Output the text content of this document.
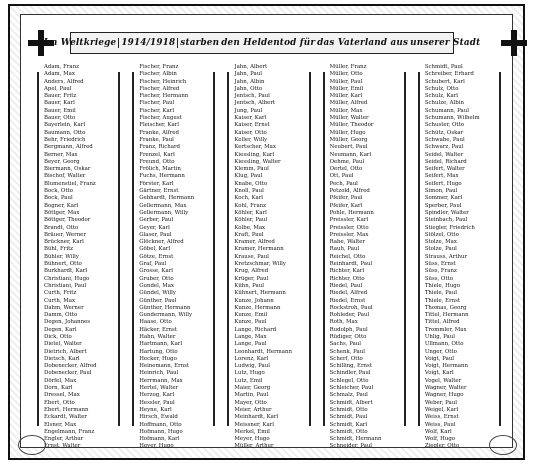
Im Weltkriege 1914/1918 starben den Heldentod für das Vaterland aus unserer Stadt
Adam, Franz
Adam, Max
Anders, Alfred
Apel, Paul
Bauer, Fritz
Bauer, Karl
Bauer, Emil
Bauer, Otto
Bayerlein, Karl
Baumann, Otto
Behr, Friedrich
Bergmann, Alfred
Berner, Max
Beyer, Georg
Biermann, Oskar
Bischof, Walter
Blumenstiel, Franz
Bock, Otto
Bock, Paul
Bogner, Karl
Böttger, Max
Böttger, Theodor
Brandt, Otto
Bräuer, Werner
Brückner, Karl
Bühl, Fritz
Bühler, Willy
Bühnert, Otto
Burkhardt, Karl
Christiani, Hugo
Christiani, Paul
Curth, Fritz
Curth, Max
Dahm, Werner
Damm, Otto
Degen, Johannes
Degen, Karl
Dick, Otto
Dietel, Walter
Dietrich, Albert
Dietsch, Karl
Dobenecker, Alfred
Dobenecker, Paul
Dörfel, Max
Dorn, Karl
Dressel, Max
Ebert, Otto
Ebert, Hermann
Eckardt, Walter
Elsner, Max
Engelmann, Franz
Engler, Arthur
Ernst, Walter
Fischer, Franz
Fischer, Albin
Fischer, Heinrich
Fischer, Alfred
Fischer, Hermann
Fischer, Paul
Fischer, Karl
Fischer, August
Fleischer, Karl
Franke, Alfred
Franke, Paul
Franz, Richard
Frenzel, Karl
Freund, Otto
Frölich, Martin
Fuchs, Hermann
Förster, Karl
Gärtner, Ernst
Gebhardt, Hermann
Gellermann, Max
Gellermann, Willy
Gerber, Paul
Geyer, Karl
Glaser, Paul
Glöckner, Alfred
Göbel, Karl
Götze, Ernst
Graf, Paul
Grosse, Karl
Gruber, Otto
Gundel, Max
Gündel, Willy
Günther, Paul
Günther, Hermann
Gundermann, Willy
Haase, Otto
Häcker, Ernst
Hahn, Walter
Hartmann, Karl
Hartung, Otto
Hecker, Hugo
Heinemann, Ernst
Heinrich, Paul
Herrmann, Max
Hertel, Walter
Herzog, Karl
Hessler, Paul
Heyne, Karl
Hirsch, Ewald
Hoffmann, Otto
Hofmann, Hugo
Hofmann, Karl
Hoyer, Hugo
Jahn, Albert
Jahn, Paul
Jahn, Albin
Jahn, Otto
Jentsch, Paul
Jentsch, Albert
Jung, Paul
Kaiser, Karl
Kaiser, Ernst
Kaiser, Otto
Keller, Willy
Kertscher, Max
Kiessling, Karl
Kiessling, Walter
Klemm, Paul
Klug, Paul
Knabe, Otto
Knoll, Paul
Koch, Karl
Kohl, Franz
Köhler, Karl
Köhler, Paul
Kolbe, Max
Kraft, Paul
Kramer, Alfred
Kramer, Hermann
Krause, Paul
Kretzschmar, Willy
Krug, Alfred
Krüger, Paul
Kühn, Paul
Kühnert, Hermann
Kunze, Johann
Kunze, Hermann
Kunze, Emil
Kunze, Paul
Lange, Richard
Lange, Max
Lange, Paul
Leonhardt, Hermann
Lorenz, Karl
Ludwig, Paul
Lutz, Hugo
Lutz, Emil
Maier, Georg
Martin, Paul
Mayer, Otto
Meier, Arthur
Meinhardt, Karl
Meissner, Karl
Merkel, Emil
Meyer, Hugo
Müller, Arthur
Müller, Franz
Müller, Otto
Müller, Paul
Müller, Emil
Müller, Karl
Müller, Alfred
Müller, Max
Müller, Walter
Müller, Theodor
Müller, Hugo
Müller, Georg
Neubert, Paul
Neumann, Karl
Oehme, Paul
Oertel, Otto
Ott, Paul
Pech, Paul
Petzold, Alfred
Pfeifer, Paul
Pfeifer, Karl
Pohle, Hermann
Preissler, Karl
Preissler, Otto
Preissler, Max
Rabe, Walter
Rauh, Paul
Reichel, Otto
Reinhardt, Paul
Richter, Karl
Richter, Otto
Riedel, Paul
Riedel, Alfred
Riedel, Ernst
Rockstroh, Paul
Rohleder, Paul
Roth, Max
Rudolph, Paul
Rüdiger, Otto
Sachs, Paul
Schenk, Paul
Scherf, Otto
Schilling, Ernst
Schindler, Paul
Schlegel, Otto
Schleicher, Paul
Schmalz, Paul
Schmidt, Albert
Schmidt, Otto
Schmidt, Paul
Schmidt, Karl
Schmidt, Otto
Schmidt, Hermann
Schneider, Paul
Schmidt, Paul
Schreiber, Erhard
Schubert, Karl
Schulz, Otto
Schulz, Karl
Schulze, Albin
Schumann, Paul
Schumann, Wilhelm
Schuster, Otto
Schütz, Oskar
Schwabe, Paul
Schwarz, Paul
Seidel, Walter
Seidel, Richard
Seifert, Walter
Seifert, Max
Seifert, Hugo
Simon, Paul
Sommer, Karl
Sperber, Paul
Spindler, Walter
Steinbach, Paul
Stiegler, Friedrich
Stölzel, Otto
Stolze, Max
Stolze, Paul
Strauss, Arthur
Süss, Ernst
Süss, Franz
Süss, Otto
Thiele, Hugo
Thiele, Paul
Thiele, Ernst
Thomas, Georg
Tittel, Hermann
Tittel, Alfred
Trommler, Max
Uhlig, Paul
Ullmann, Otto
Unger, Otto
Voigt, Paul
Voigt, Hermann
Voigt, Karl
Vogel, Walter
Wagner, Walter
Wagner, Hugo
Weber, Paul
Weigel, Karl
Weiss, Ernst
Weiss, Paul
Wolf, Karl
Wolf, Hugo
Ziegler, Otto
